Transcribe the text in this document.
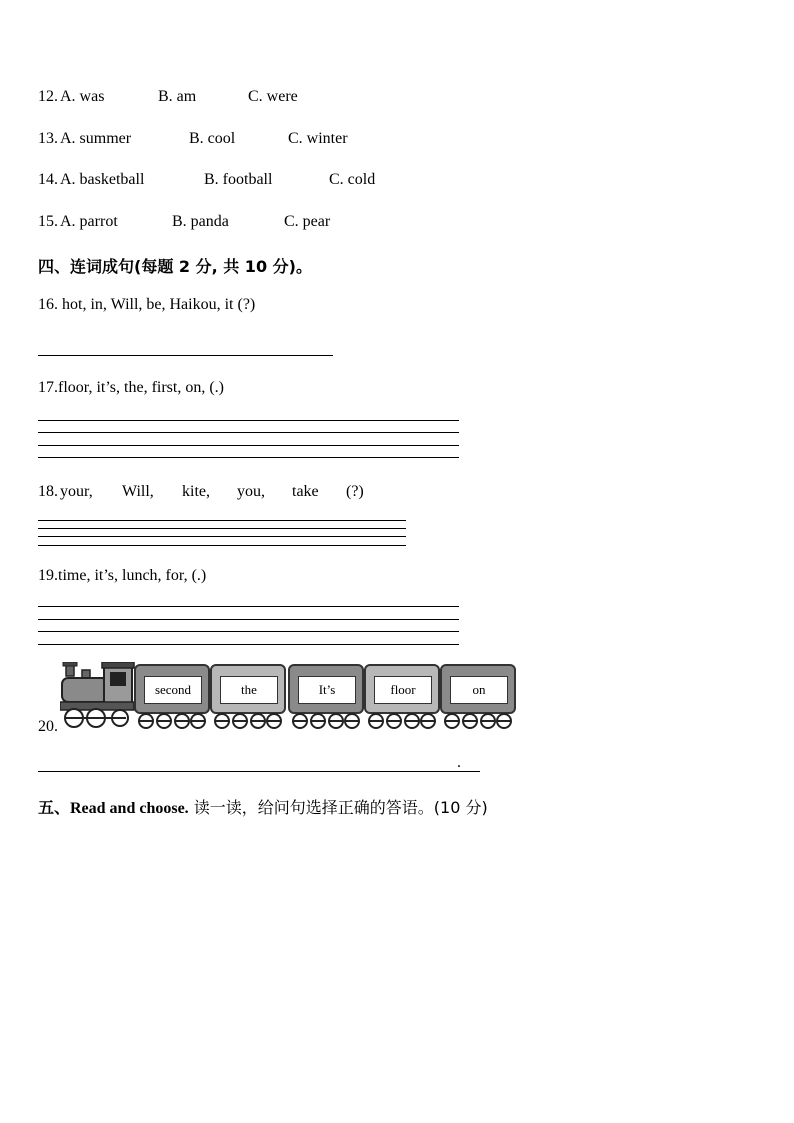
12. A. was	B. am	C. were
13. A. summer	B. cool	C. winter
14. A. basketball	B. football	C. cold
15. A. parrot	B. panda	C. pear
四、连词成句(每题 2 分, 共 10 分)。
16. hot, in, Will, be, Haikou, it (?)
17.floor, it’s, the, first, on, (.)
18. your, Will, kite, you, take (?)
19.time, it’s, lunch, for, (.)
20.
second	the	It’s	floor	on
.
五、Read and choose. 读一读，给问句选择正确的答语。(10 分)
